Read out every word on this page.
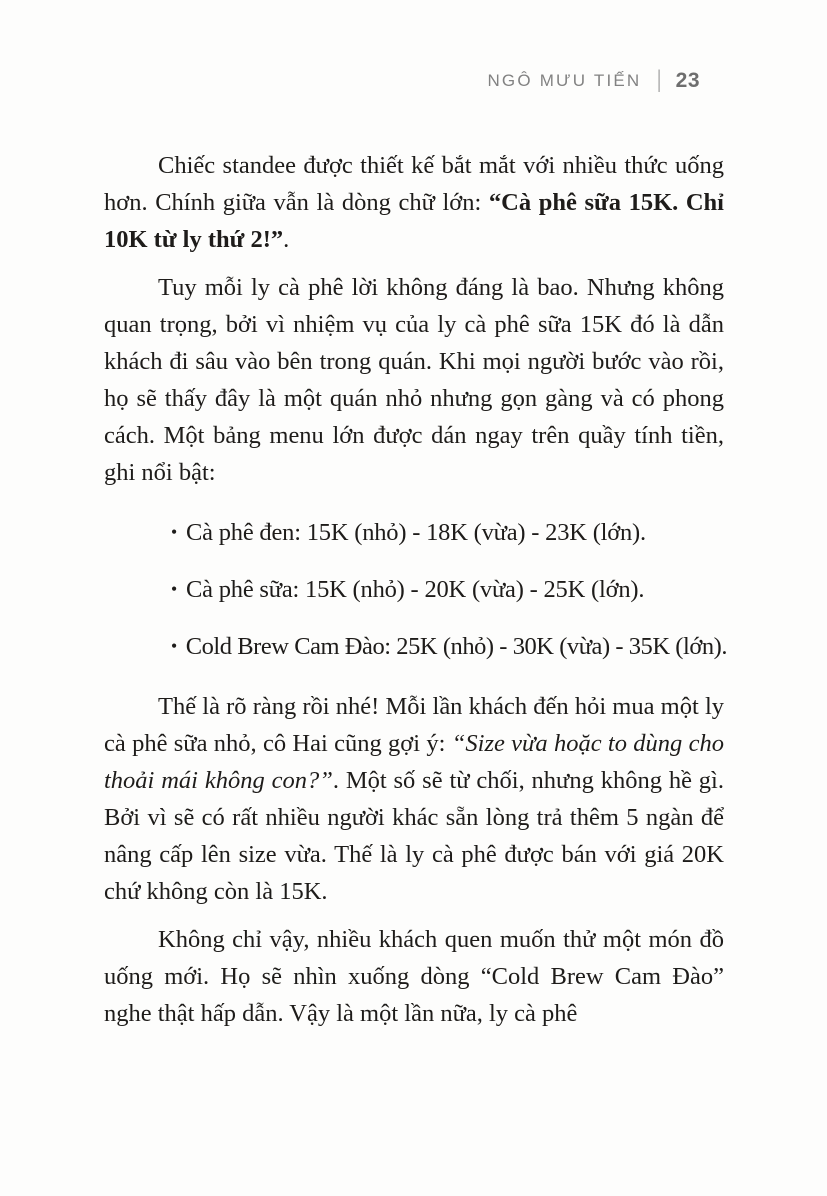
NGÔ MƯU TIẾN | 23

Chiếc standee được thiết kế bắt mắt với nhiều thức uống hơn. Chính giữa vẫn là dòng chữ lớn: “Cà phê sữa 15K. Chỉ 10K từ ly thứ 2!”.

Tuy mỗi ly cà phê lời không đáng là bao. Nhưng không quan trọng, bởi vì nhiệm vụ của ly cà phê sữa 15K đó là dẫn khách đi sâu vào bên trong quán. Khi mọi người bước vào rồi, họ sẽ thấy đây là một quán nhỏ nhưng gọn gàng và có phong cách. Một bảng menu lớn được dán ngay trên quầy tính tiền, ghi nổi bật:

• Cà phê đen: 15K (nhỏ) - 18K (vừa) - 23K (lớn).
• Cà phê sữa: 15K (nhỏ) - 20K (vừa) - 25K (lớn).
• Cold Brew Cam Đào: 25K (nhỏ) - 30K (vừa) - 35K (lớn).

Thế là rõ ràng rồi nhé! Mỗi lần khách đến hỏi mua một ly cà phê sữa nhỏ, cô Hai cũng gợi ý: “Size vừa hoặc to dùng cho thoải mái không con?”. Một số sẽ từ chối, nhưng không hề gì. Bởi vì sẽ có rất nhiều người khác sẵn lòng trả thêm 5 ngàn để nâng cấp lên size vừa. Thế là ly cà phê được bán với giá 20K chứ không còn là 15K.

Không chỉ vậy, nhiều khách quen muốn thử một món đồ uống mới. Họ sẽ nhìn xuống dòng “Cold Brew Cam Đào” nghe thật hấp dẫn. Vậy là một lần nữa, ly cà phê
